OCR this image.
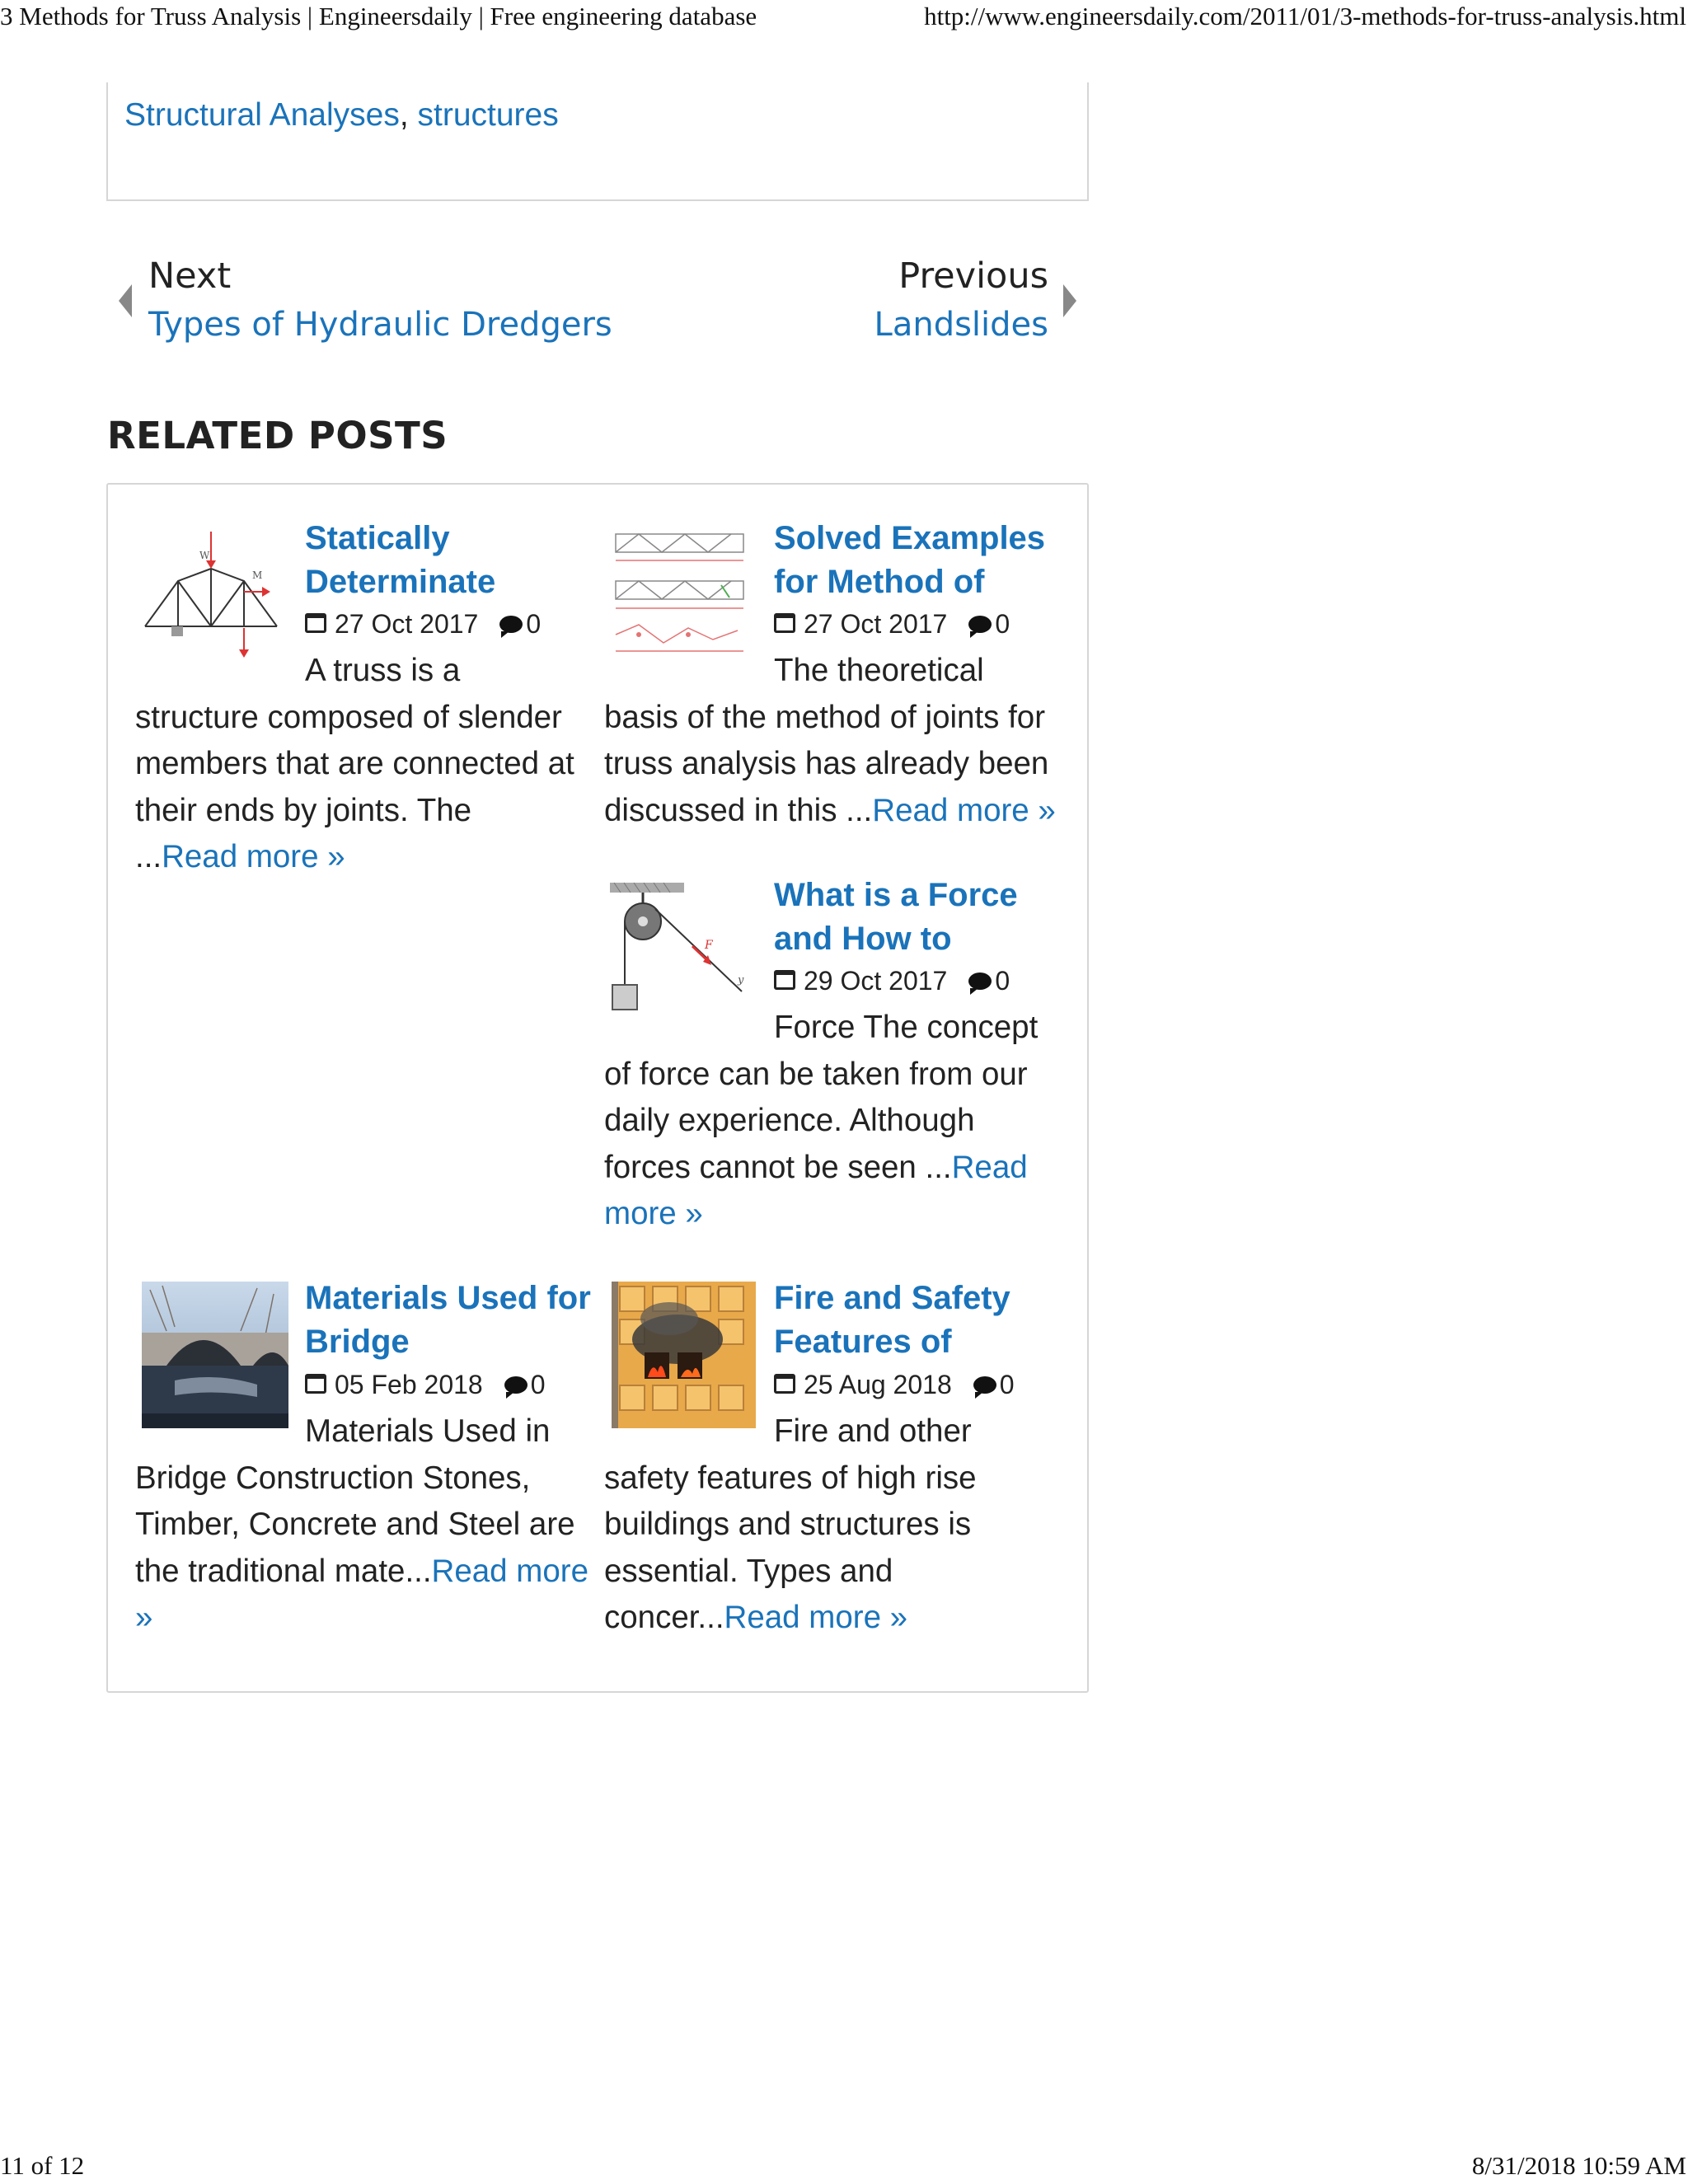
3 Methods for Truss Analysis | Engineersdaily | Free engineering database	http://www.engineersdaily.com/2011/01/3-methods-for-truss-analysis.html
Structural Analyses, structures
Next
Types of Hydraulic Dredgers
Previous
Landslides
RELATED POSTS
W
M
Statically
Determinate
27 Oct 2017 0
A truss is a
structure composed of slender members that are connected at their ends by joints. The ...Read more »
Solved Examples
for Method of
27 Oct 2017 0
The theoretical
basis of the method of joints for truss analysis has already been discussed in this ...Read more »
F
y
What is a Force
and How to
29 Oct 2017 0
Force The concept
of force can be taken from our daily experience. Although forces cannot be seen ...Read more »
Materials Used for
Bridge
05 Feb 2018 0
Materials Used in
Bridge Construction Stones, Timber, Concrete and Steel are the traditional mate...Read more »
Fire and Safety
Features of
25 Aug 2018 0
Fire and other
safety features of high rise buildings and structures is essential. Types and concer...Read more »
11 of 12	8/31/2018 10:59 AM
